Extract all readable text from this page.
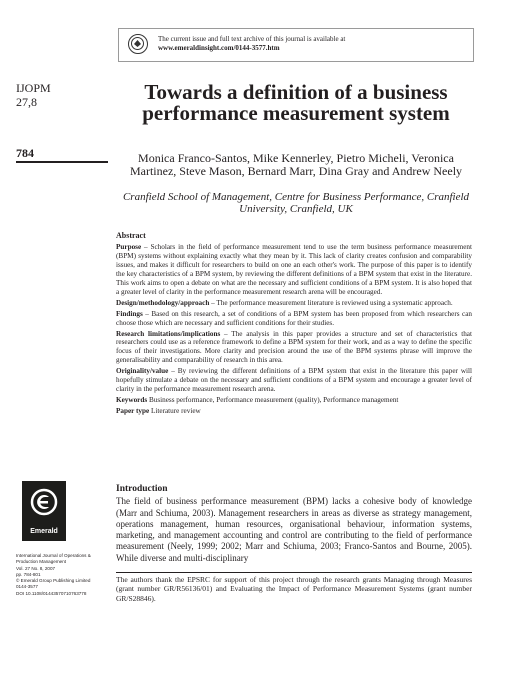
The current issue and full text archive of this journal is available at
www.emeraldinsight.com/0144-3577.htm
IJOPM
27,8
784
Towards a definition of a business performance measurement system
Monica Franco-Santos, Mike Kennerley, Pietro Micheli, Veronica Martinez, Steve Mason, Bernard Marr, Dina Gray and Andrew Neely
Cranfield School of Management, Centre for Business Performance, Cranfield University, Cranfield, UK
Abstract
Purpose – Scholars in the field of performance measurement tend to use the term business performance measurement (BPM) systems without explaining exactly what they mean by it. This lack of clarity creates confusion and comparability issues, and makes it difficult for researchers to build on one an each other's work. The purpose of this paper is to identify the key characteristics of a BPM system, by reviewing the different definitions of a BPM system that exist in the literature. This work aims to open a debate on what are the necessary and sufficient conditions of a BPM system. It is also hoped that a greater level of clarity in the performance measurement research arena will be encouraged.
Design/methodology/approach – The performance measurement literature is reviewed using a systematic approach.
Findings – Based on this research, a set of conditions of a BPM system has been proposed from which researchers can choose those which are necessary and sufficient conditions for their studies.
Research limitations/implications – The analysis in this paper provides a structure and set of characteristics that researchers could use as a reference framework to define a BPM system for their work, and as a way to define the specific focus of their investigations. More clarity and precision around the use of the BPM systems phrase will improve the generalisability and comparability of research in this area.
Originality/value – By reviewing the different definitions of a BPM system that exist in the literature this paper will hopefully stimulate a debate on the necessary and sufficient conditions of a BPM system and encourage a greater level of clarity in the performance measurement research arena.
Keywords Business performance, Performance measurement (quality), Performance management
Paper type Literature review
Introduction
The field of business performance measurement (BPM) lacks a cohesive body of knowledge (Marr and Schiuma, 2003). Management researchers in areas as diverse as strategy management, operations management, human resources, organisational behaviour, information systems, marketing, and management accounting and control are contributing to the field of performance measurement (Neely, 1999; 2002; Marr and Schiuma, 2003; Franco-Santos and Bourne, 2005). While diverse and multi-disciplinary
The authors thank the EPSRC for support of this project through the research grants Managing through Measures (grant number GR/R56136/01) and Evaluating the Impact of Performance Measurement Systems (grant number GR/S28846).
Emerald
International Journal of Operations &
Production Management
Vol. 27 No. 8, 2007
pp. 784-801
© Emerald Group Publishing Limited
0144-3577
DOI 10.1108/01443570710763778
